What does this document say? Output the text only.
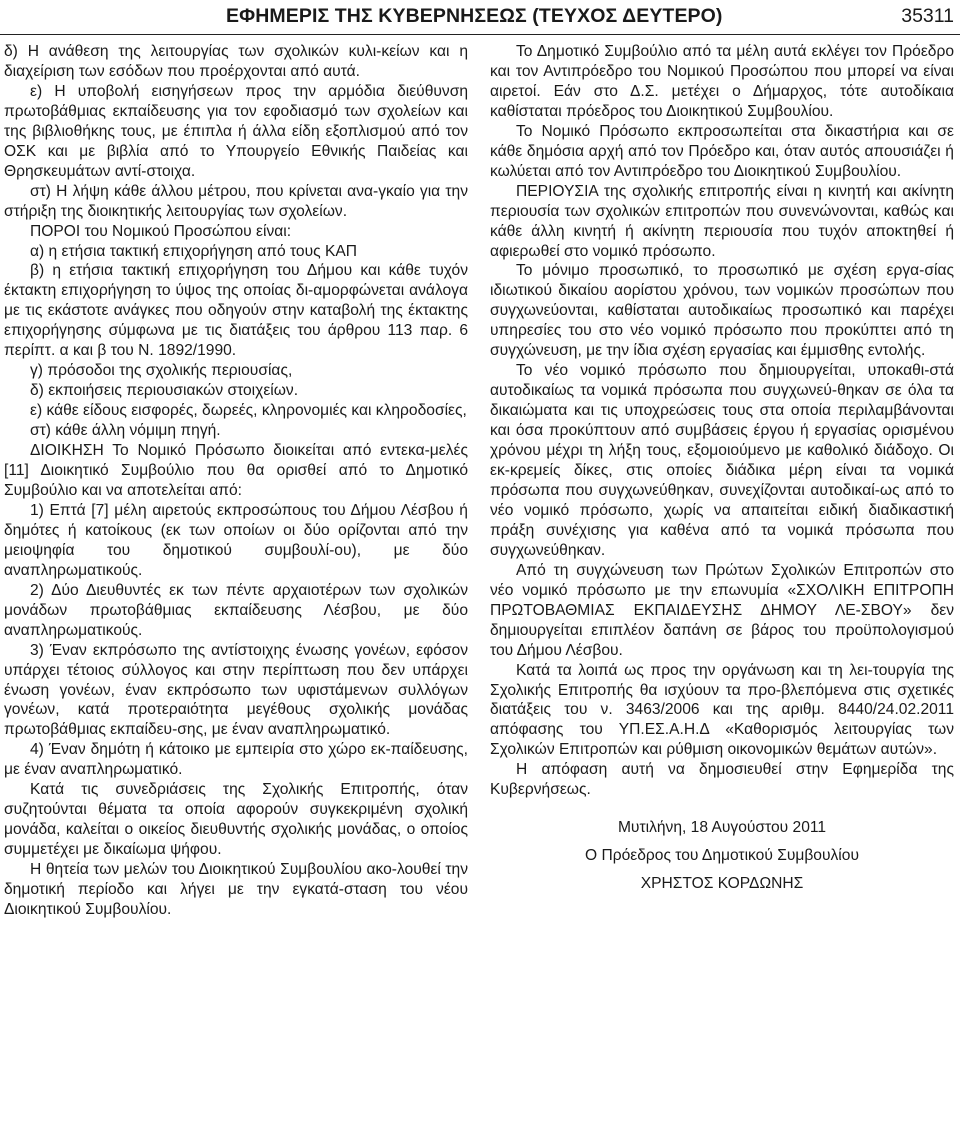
ΕΦΗΜΕΡΙΣ ΤΗΣ ΚΥΒΕΡΝΗΣΕΩΣ (ΤΕΥΧΟΣ ΔΕΥΤΕΡΟ)	35311

δ) Η ανάθεση της λειτουργίας των σχολικών κυλι-κείων και η διαχείριση των εσόδων που προέρχονται από αυτά.

ε) Η υποβολή εισηγήσεων προς την αρμόδια διεύθυνση πρωτοβάθμιας εκπαίδευσης για τον εφοδιασμό των σχολείων και της βιβλιοθήκης τους, με έπιπλα ή άλλα είδη εξοπλισμού από τον ΟΣΚ και με βιβλία από το Υπουργείο Εθνικής Παιδείας και Θρησκευμάτων αντί-στοιχα.

στ) Η λήψη κάθε άλλου μέτρου, που κρίνεται ανα-γκαίο για την στήριξη της διοικητικής λειτουργίας των σχολείων.

ΠΟΡΟΙ του Νομικού Προσώπου είναι:

α) η ετήσια τακτική επιχορήγηση από τους ΚΑΠ

β) η ετήσια τακτική επιχορήγηση του Δήμου και κάθε τυχόν έκτακτη επιχορήγηση το ύψος της οποίας δι-αμορφώνεται ανάλογα με τις εκάστοτε ανάγκες που οδηγούν στην καταβολή της έκτακτης επιχορήγησης σύμφωνα με τις διατάξεις του άρθρου 113 παρ. 6 περίπτ. α και β του Ν. 1892/1990.

γ) πρόσοδοι της σχολικής περιουσίας,

δ) εκποιήσεις περιουσιακών στοιχείων.

ε) κάθε είδους εισφορές, δωρεές, κληρονομιές και κληροδοσίες,

στ) κάθε άλλη νόμιμη πηγή.

ΔΙΟΙΚΗΣΗ Το Νομικό Πρόσωπο διοικείται από εντεκα-μελές [11] Διοικητικό Συμβούλιο που θα ορισθεί από το Δημοτικό Συμβούλιο και να αποτελείται από:

1) Επτά [7] μέλη αιρετούς εκπροσώπους του Δήμου Λέσβου ή δημότες ή κατοίκους (εκ των οποίων οι δύο ορίζονται από την μειοψηφία του δημοτικού συμβουλί-ου), με δύο αναπληρωματικούς.

2) Δύο Διευθυντές εκ των πέντε αρχαιοτέρων των σχολικών μονάδων πρωτοβάθμιας εκπαίδευσης Λέσβου, με δύο αναπληρωματικούς.

3) Έναν εκπρόσωπο της αντίστοιχης ένωσης γονέων, εφόσον υπάρχει τέτοιος σύλλογος και στην περίπτωση που δεν υπάρχει ένωση γονέων, έναν εκπρόσωπο των υφιστάμενων συλλόγων γονέων, κατά προτεραιότητα μεγέθους σχολικής μονάδας πρωτοβάθμιας εκπαίδευ-σης, με έναν αναπληρωματικό.

4) Έναν δημότη ή κάτοικο με εμπειρία στο χώρο εκ-παίδευσης, με έναν αναπληρωματικό.

Κατά τις συνεδριάσεις της Σχολικής Επιτροπής, όταν συζητούνται θέματα τα οποία αφορούν συγκεκριμένη σχολική μονάδα, καλείται ο οικείος διευθυντής σχολικής μονάδας, ο οποίος συμμετέχει με δικαίωμα ψήφου.

Η θητεία των μελών του Διοικητικού Συμβουλίου ακο-λουθεί την δημοτική περίοδο και λήγει με την εγκατά-σταση του νέου Διοικητικού Συμβουλίου.

Το Δημοτικό Συμβούλιο από τα μέλη αυτά εκλέγει τον Πρόεδρο και τον Αντιπρόεδρο του Νομικού Προσώπου που μπορεί να είναι αιρετοί. Εάν στο Δ.Σ. μετέχει ο Δήμαρχος, τότε αυτοδίκαια καθίσταται πρόεδρος του Διοικητικού Συμβουλίου.

Το Νομικό Πρόσωπο εκπροσωπείται στα δικαστήρια και σε κάθε δημόσια αρχή από τον Πρόεδρο και, όταν αυτός απουσιάζει ή κωλύεται από τον Αντιπρόεδρο του Διοικητικού Συμβουλίου.

ΠΕΡΙΟΥΣΙΑ της σχολικής επιτροπής είναι η κινητή και ακίνητη περιουσία των σχολικών επιτροπών που συνενώνονται, καθώς και κάθε άλλη κινητή ή ακίνητη περιουσία που τυχόν αποκτηθεί ή αφιερωθεί στο νομικό πρόσωπο.

Το μόνιμο προσωπικό, το προσωπικό με σχέση εργα-σίας ιδιωτικού δικαίου αορίστου χρόνου, των νομικών προσώπων που συγχωνεύονται, καθίσταται αυτοδικαίως προσωπικό και παρέχει υπηρεσίες του στο νέο νομικό πρόσωπο που προκύπτει από τη συγχώνευση, με την ίδια σχέση εργασίας και έμμισθης εντολής.

Το νέο νομικό πρόσωπο που δημιουργείται, υποκαθι-στά αυτοδικαίως τα νομικά πρόσωπα που συγχωνεύ-θηκαν σε όλα τα δικαιώματα και τις υποχρεώσεις τους στα οποία περιλαμβάνονται και όσα προκύπτουν από συμβάσεις έργου ή εργασίας ορισμένου χρόνου μέχρι τη λήξη τους, εξομοιούμενο με καθολικό διάδοχο. Οι εκ-κρεμείς δίκες, στις οποίες διάδικα μέρη είναι τα νομικά πρόσωπα που συγχωνεύθηκαν, συνεχίζονται αυτοδικαί-ως από το νέο νομικό πρόσωπο, χωρίς να απαιτείται ειδική διαδικαστική πράξη συνέχισης για καθένα από τα νομικά πρόσωπα που συγχωνεύθηκαν.

Από τη συγχώνευση των Πρώτων Σχολικών Επιτροπών στο νέο νομικό πρόσωπο με την επωνυμία «ΣΧΟΛΙΚΗ ΕΠΙΤΡΟΠΗ ΠΡΩΤΟΒΑΘΜΙΑΣ ΕΚΠΑΙΔΕΥΣΗΣ ΔΗΜΟΥ ΛΕ-ΣΒΟΥ» δεν δημιουργείται επιπλέον δαπάνη σε βάρος του προϋπολογισμού του Δήμου Λέσβου.

Κατά τα λοιπά ως προς την οργάνωση και τη λει-τουργία της Σχολικής Επιτροπής θα ισχύουν τα προ-βλεπόμενα στις σχετικές διατάξεις του ν. 3463/2006 και της αριθμ. 8440/24.02.2011 απόφασης του ΥΠ.ΕΣ.Α.Η.Δ «Καθορισμός λειτουργίας των Σχολικών Επιτροπών και ρύθμιση οικονομικών θεμάτων αυτών».

Η απόφαση αυτή να δημοσιευθεί στην Εφημερίδα της Κυβερνήσεως.

Μυτιλήνη, 18 Αυγούστου 2011

Ο Πρόεδρος του Δημοτικού Συμβουλίου

ΧΡΗΣΤΟΣ ΚΟΡΔΩΝΗΣ
